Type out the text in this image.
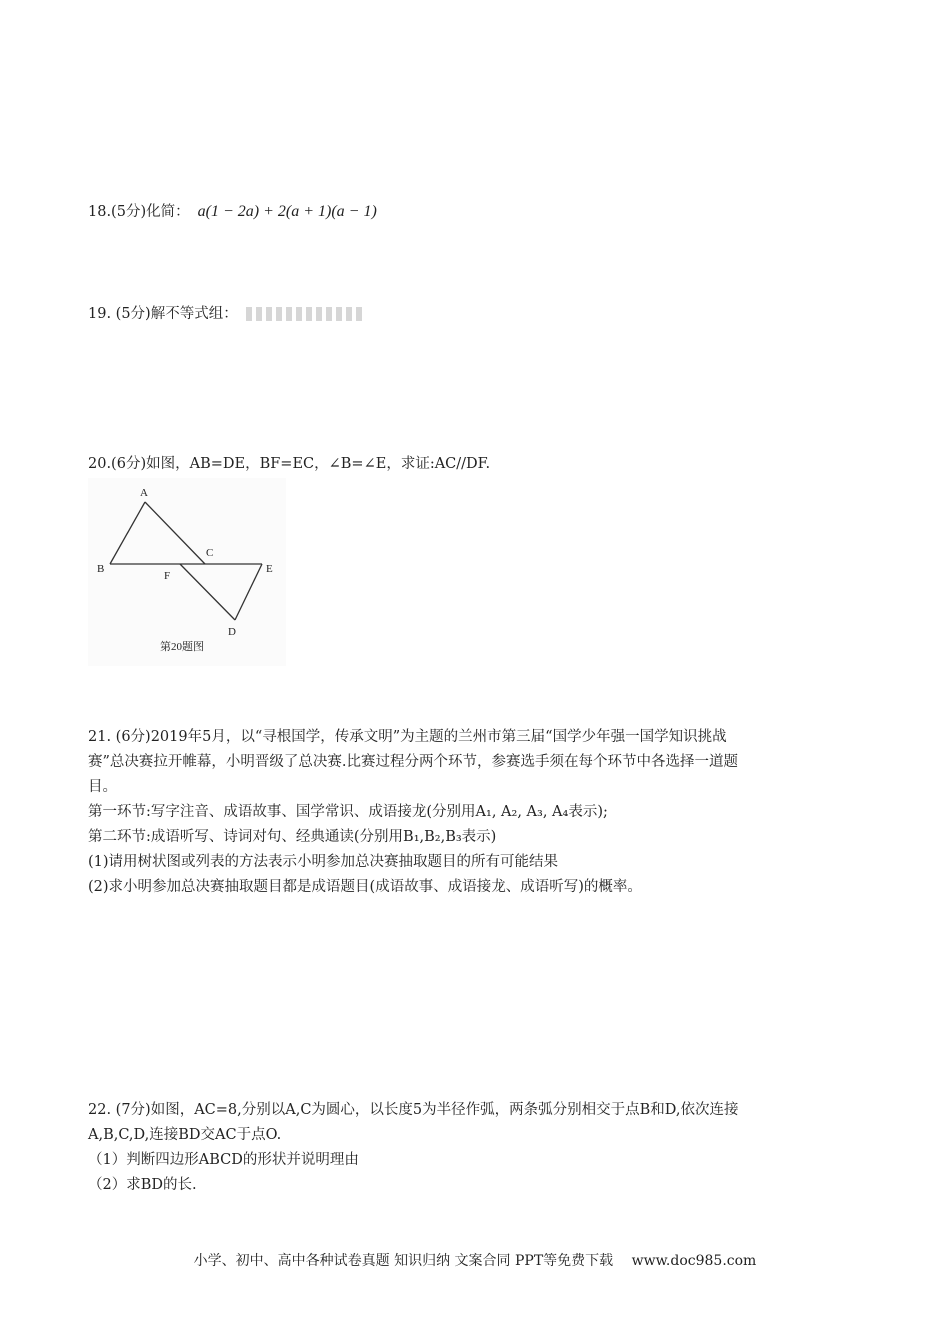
18.(5分)化简： a(1 − 2a) + 2(a + 1)(a − 1)
19. (5分)解不等式组：
20.(6分)如图，AB=DE，BF=EC，∠B=∠E，求证:AC//DF.
A
B
C
F
E
D
第20题图
21. (6分)2019年5月，以“寻根国学，传承文明”为主题的兰州市第三届“国学少年强一国学知识挑战
赛”总决赛拉开帷幕，小明晋级了总决赛.比赛过程分两个环节，参赛选手须在每个环节中各选择一道题
目。
第一环节:写字注音、成语故事、国学常识、成语接龙(分别用A₁, A₂, A₃, A₄表示);
第二环节:成语听写、诗词对句、经典通读(分别用B₁,B₂,B₃表示)
(1)请用树状图或列表的方法表示小明参加总决赛抽取题目的所有可能结果
(2)求小明参加总决赛抽取题目都是成语题目(成语故事、成语接龙、成语听写)的概率。
22. (7分)如图，AC=8,分别以A,C为圆心，以长度5为半径作弧，两条弧分别相交于点B和D,依次连接
A,B,C,D,连接BD交AC于点O.
（1）判断四边形ABCD的形状并说明理由
（2）求BD的长.
小学、初中、高中各种试卷真题 知识归纳 文案合同 PPT等免费下载　 www.doc985.com
